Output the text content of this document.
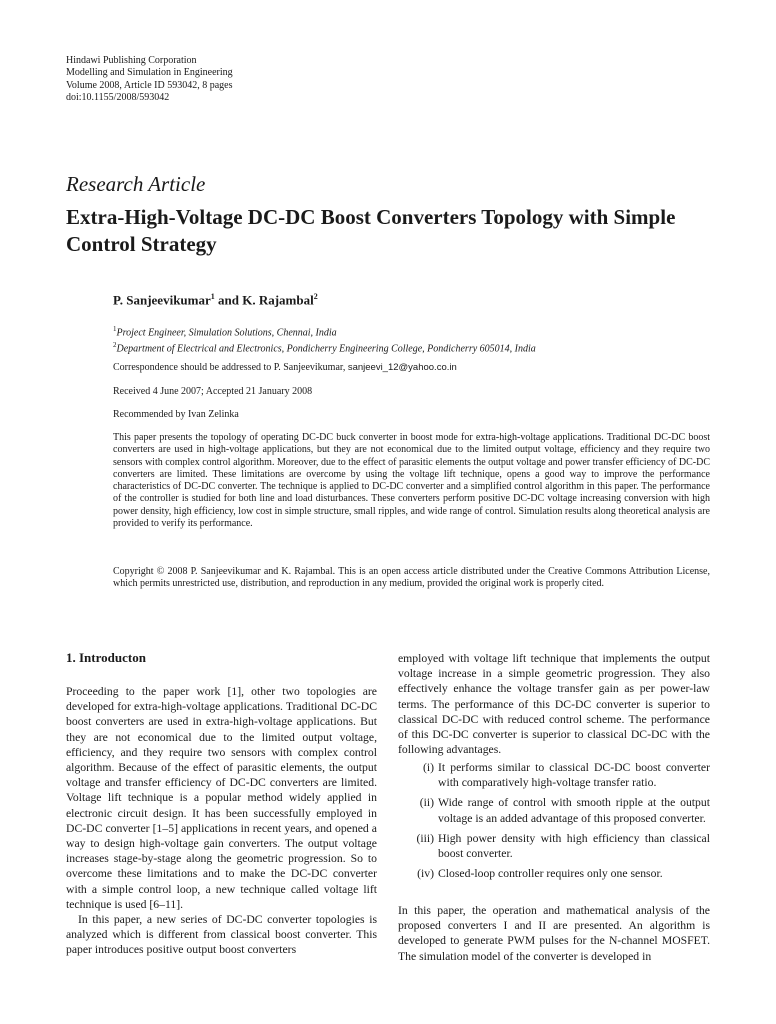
Hindawi Publishing Corporation
Modelling and Simulation in Engineering
Volume 2008, Article ID 593042, 8 pages
doi:10.1155/2008/593042
Research Article
Extra-High-Voltage DC-DC Boost Converters Topology with Simple Control Strategy
P. Sanjeevikumar$^1$ and K. Rajambal$^2$
$^1$Project Engineer, Simulation Solutions, Chennai, India
$^2$Department of Electrical and Electronics, Pondicherry Engineering College, Pondicherry 605014, India
Correspondence should be addressed to P. Sanjeevikumar, sanjeevi_12@yahoo.co.in
Received 4 June 2007; Accepted 21 January 2008
Recommended by Ivan Zelinka
This paper presents the topology of operating DC-DC buck converter in boost mode for extra-high-voltage applications. Traditional DC-DC boost converters are used in high-voltage applications, but they are not economical due to the limited output voltage, efficiency and they require two sensors with complex control algorithm. Moreover, due to the effect of parasitic elements the output voltage and power transfer efficiency of DC-DC converters are limited. These limitations are overcome by using the voltage lift technique, opens a good way to improve the performance characteristics of DC-DC converter. The technique is applied to DC-DC converter and a simplified control algorithm in this paper. The performance of the controller is studied for both line and load disturbances. These converters perform positive DC-DC voltage increasing conversion with high power density, high efficiency, low cost in simple structure, small ripples, and wide range of control. Simulation results along theoretical analysis are provided to verify its performance.
Copyright © 2008 P. Sanjeevikumar and K. Rajambal. This is an open access article distributed under the Creative Commons Attribution License, which permits unrestricted use, distribution, and reproduction in any medium, provided the original work is properly cited.
1. Introducton

Proceeding to the paper work [1], other two topologies are developed for extra-high-voltage applications. Traditional DC-DC boost converters are used in extra-high-voltage applications. But they are not economical due to the limited output voltage, efficiency, and they require two sensors with complex control algorithm. Because of the effect of parasitic elements, the output voltage and transfer efficiency of DC-DC converters are limited. Voltage lift technique is a popular method widely applied in electronic circuit design. It has been successfully employed in DC-DC converter [1–5] applications in recent years, and opened a way to design high-voltage gain converters. The output voltage increases stage-by-stage along the geometric progression. So to overcome these limitations and to make the DC-DC converter with a simple control loop, a new technique called voltage lift technique is used [6–11].

In this paper, a new series of DC-DC converter topologies is analyzed which is different from classical boost converter. This paper introduces positive output boost converters

employed with voltage lift technique that implements the output voltage increase in a simple geometric progression. They also effectively enhance the voltage transfer gain as per power-law terms. The performance of this DC-DC converter is superior to classical DC-DC with reduced control scheme. The performance of this DC-DC converter is superior to classical DC-DC with the following advantages.

(i) It performs similar to classical DC-DC boost converter with comparatively high-voltage transfer ratio.
(ii) Wide range of control with smooth ripple at the output voltage is an added advantage of this proposed converter.
(iii) High power density with high efficiency than classical boost converter.
(iv) Closed-loop controller requires only one sensor.

In this paper, the operation and mathematical analysis of the proposed converters I and II are presented. An algorithm is developed to generate PWM pulses for the N-channel MOSFET. The simulation model of the converter is developed in
